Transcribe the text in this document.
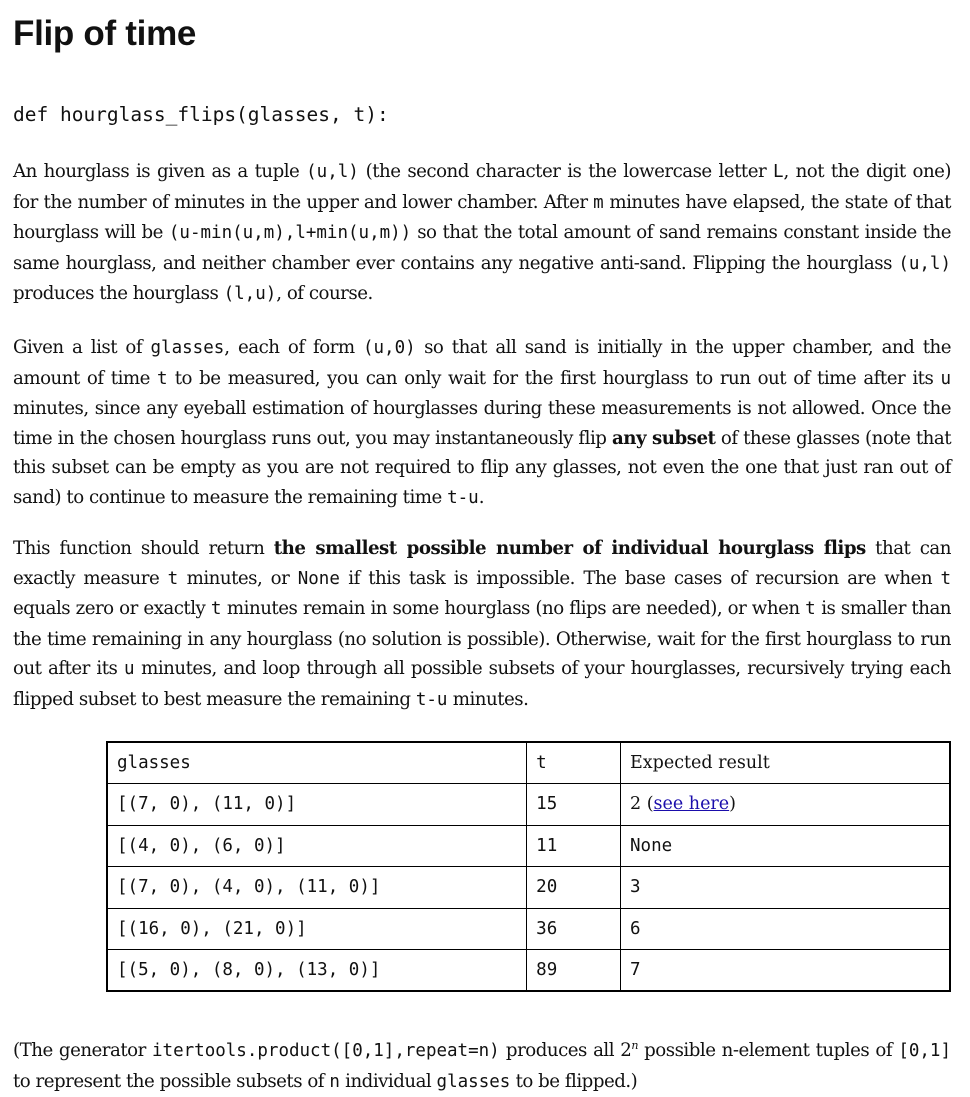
Flip of time
def hourglass_flips(glasses, t):

An hourglass is given as a tuple (u,l) (the second character is the lowercase letter L, not the digit one) for the number of minutes in the upper and lower chamber. After m minutes have elapsed, the state of that hourglass will be (u-min(u,m),l+min(u,m)) so that the total amount of sand remains constant inside the same hourglass, and neither chamber ever contains any negative anti-sand. Flipping the hourglass (u,l) produces the hourglass (l,u), of course.

Given a list of glasses, each of form (u,0) so that all sand is initially in the upper chamber, and the amount of time t to be measured, you can only wait for the first hourglass to run out of time after its u minutes, since any eyeball estimation of hourglasses during these measurements is not allowed. Once the time in the chosen hourglass runs out, you may instantaneously flip any subset of these glasses (note that this subset can be empty as you are not required to flip any glasses, not even the one that just ran out of sand) to continue to measure the remaining time t-u.

This function should return the smallest possible number of individual hourglass flips that can exactly measure t minutes, or None if this task is impossible. The base cases of recursion are when t equals zero or exactly t minutes remain in some hourglass (no flips are needed), or when t is smaller than the time remaining in any hourglass (no solution is possible). Otherwise, wait for the first hourglass to run out after its u minutes, and loop through all possible subsets of your hourglasses, recursively trying each flipped subset to best measure the remaining t-u minutes.

glasses	t	Expected result
[(7, 0), (11, 0)]	15	2 (see here)
[(4, 0), (6, 0)]	11	None
[(7, 0), (4, 0), (11, 0)]	20	3
[(16, 0), (21, 0)]	36	6
[(5, 0), (8, 0), (13, 0)]	89	7

(The generator itertools.product([0,1],repeat=n) produces all 2$^n$ possible n-element tuples of [0,1] to represent the possible subsets of n individual glasses to be flipped.)
